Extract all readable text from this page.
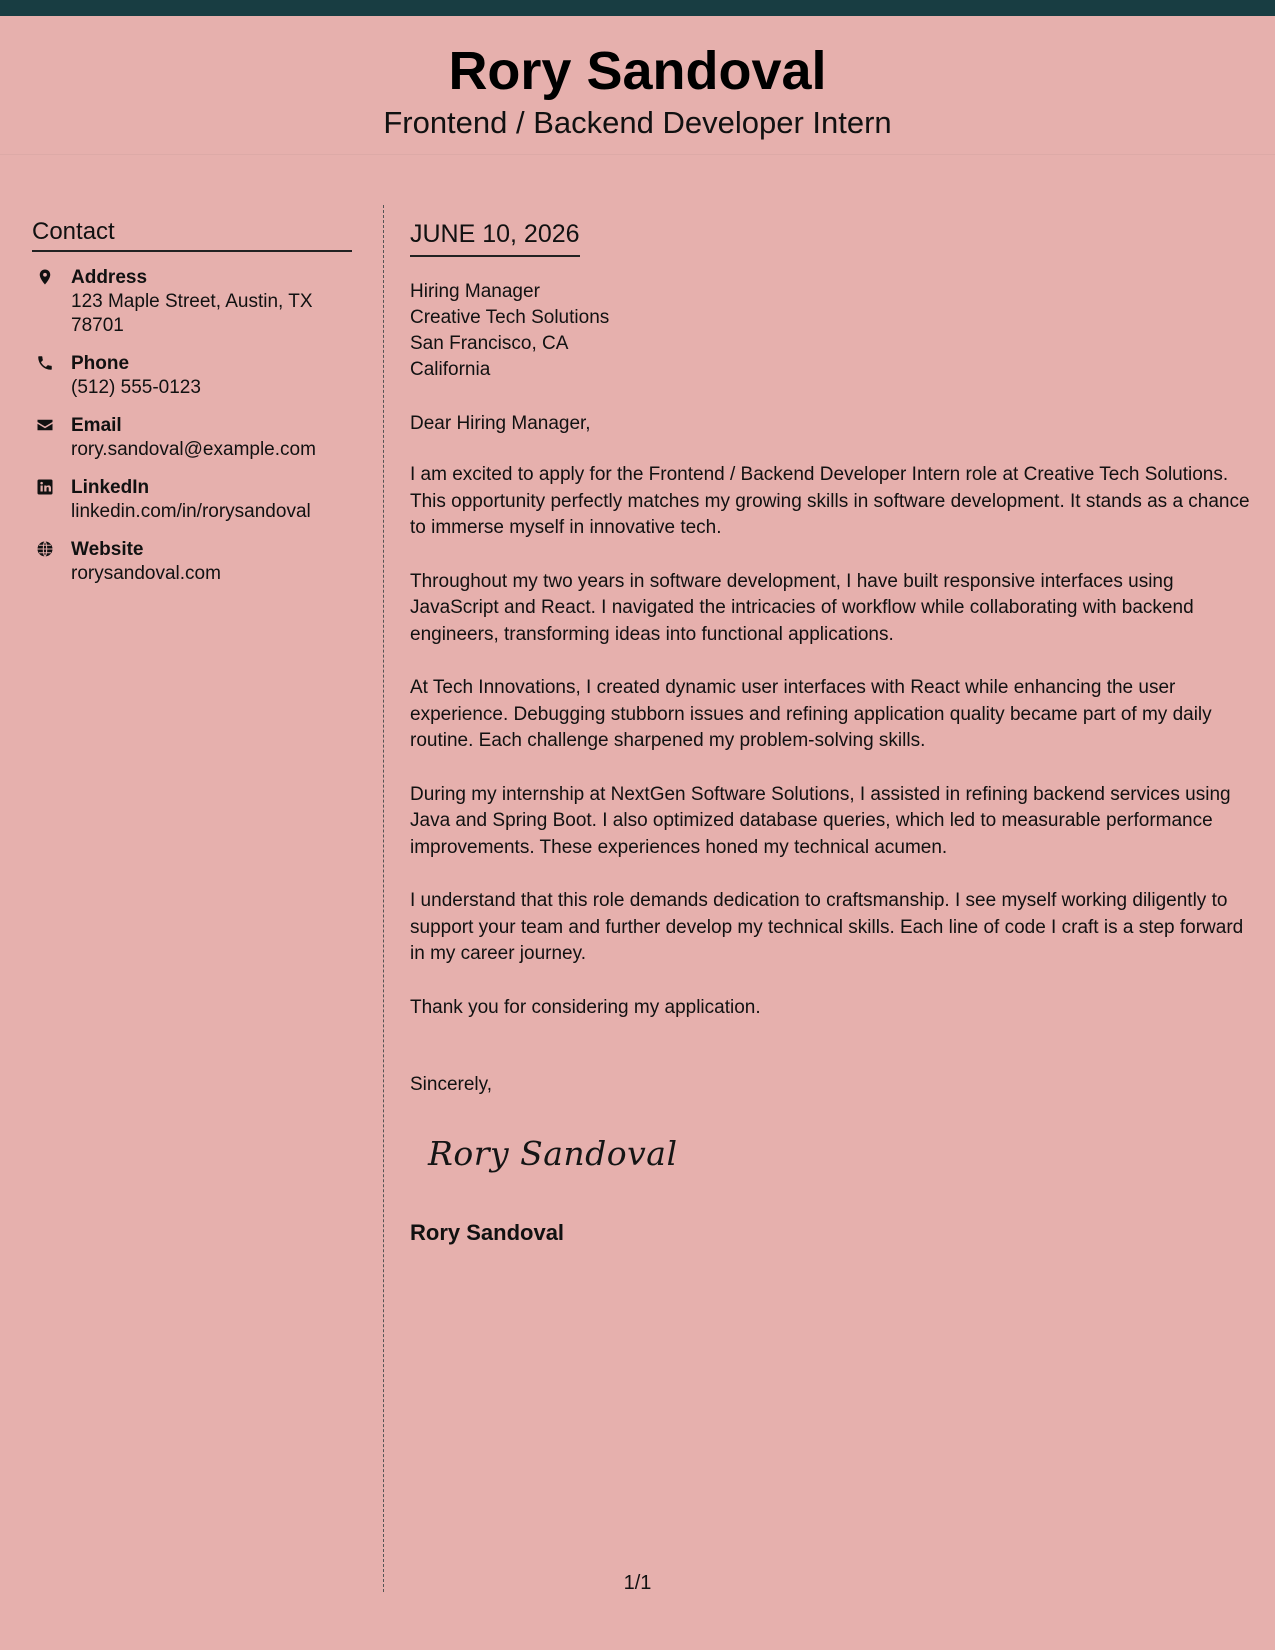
Rory Sandoval
Frontend / Backend Developer Intern
Contact
Address
123 Maple Street, Austin, TX 78701
Phone
(512) 555-0123
Email
rory.sandoval@example.com
LinkedIn
linkedin.com/in/rorysandoval
Website
rorysandoval.com
JUNE 10, 2026
Hiring Manager
Creative Tech Solutions
San Francisco, CA
California
Dear Hiring Manager,
I am excited to apply for the Frontend / Backend Developer Intern role at Creative Tech Solutions. This opportunity perfectly matches my growing skills in software development. It stands as a chance to immerse myself in innovative tech.
Throughout my two years in software development, I have built responsive interfaces using JavaScript and React. I navigated the intricacies of workflow while collaborating with backend engineers, transforming ideas into functional applications.
At Tech Innovations, I created dynamic user interfaces with React while enhancing the user experience. Debugging stubborn issues and refining application quality became part of my daily routine. Each challenge sharpened my problem-solving skills.
During my internship at NextGen Software Solutions, I assisted in refining backend services using Java and Spring Boot. I also optimized database queries, which led to measurable performance improvements. These experiences honed my technical acumen.
I understand that this role demands dedication to craftsmanship. I see myself working diligently to support your team and further develop my technical skills. Each line of code I craft is a step forward in my career journey.
Thank you for considering my application.
Sincerely,
Rory Sandoval
Rory Sandoval
1/1
